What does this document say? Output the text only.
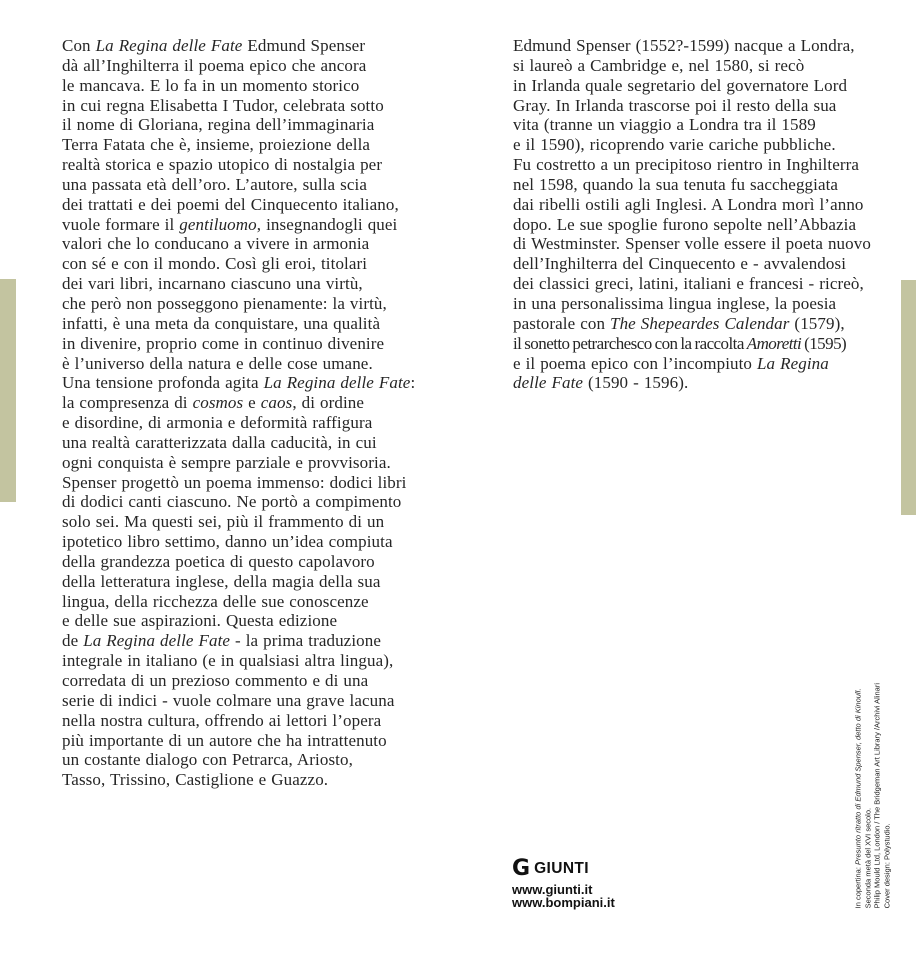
Con La Regina delle Fate Edmund Spenser
dà all’Inghilterra il poema epico che ancora
le mancava. E lo fa in un momento storico
in cui regna Elisabetta I Tudor, celebrata sotto
il nome di Gloriana, regina dell’immaginaria
Terra Fatata che è, insieme, proiezione della
realtà storica e spazio utopico di nostalgia per
una passata età dell’oro. L’autore, sulla scia
dei trattati e dei poemi del Cinquecento italiano,
vuole formare il gentiluomo, insegnandogli quei
valori che lo conducano a vivere in armonia
con sé e con il mondo. Così gli eroi, titolari
dei vari libri, incarnano ciascuno una virtù,
che però non posseggono pienamente: la virtù,
infatti, è una meta da conquistare, una qualità
in divenire, proprio come in continuo divenire
è l’universo della natura e delle cose umane.
Una tensione profonda agita La Regina delle Fate:
la compresenza di cosmos e caos, di ordine
e disordine, di armonia e deformità raffigura
una realtà caratterizzata dalla caducità, in cui
ogni conquista è sempre parziale e provvisoria.
Spenser progettò un poema immenso: dodici libri
di dodici canti ciascuno. Ne portò a compimento
solo sei. Ma questi sei, più il frammento di un
ipotetico libro settimo, danno un’idea compiuta
della grandezza poetica di questo capolavoro
della letteratura inglese, della magia della sua
lingua, della ricchezza delle sue conoscenze
e delle sue aspirazioni. Questa edizione
de La Regina delle Fate - la prima traduzione
integrale in italiano (e in qualsiasi altra lingua),
corredata di un prezioso commento e di una
serie di indici - vuole colmare una grave lacuna
nella nostra cultura, offrendo ai lettori l’opera
più importante di un autore che ha intrattenuto
un costante dialogo con Petrarca, Ariosto,
Tasso, Trissino, Castiglione e Guazzo.
Edmund Spenser (1552?-1599) nacque a Londra,
si laureò a Cambridge e, nel 1580, si recò
in Irlanda quale segretario del governatore Lord
Gray. In Irlanda trascorse poi il resto della sua
vita (tranne un viaggio a Londra tra il 1589
e il 1590), ricoprendo varie cariche pubbliche.
Fu costretto a un precipitoso rientro in Inghilterra
nel 1598, quando la sua tenuta fu saccheggiata
dai ribelli ostili agli Inglesi. A Londra morì l’anno
dopo. Le sue spoglie furono sepolte nell’Abbazia
di Westminster. Spenser volle essere il poeta nuovo
dell’Inghilterra del Cinquecento e - avvalendosi
dei classici greci, latini, italiani e francesi - ricreò,
in una personalissima lingua inglese, la poesia
pastorale con The Shepeardes Calendar (1579),
il sonetto petrarchesco con la raccolta Amoretti (1595)
e il poema epico con l’incompiuto La Regina
delle Fate (1590 - 1596).
G GIUNTI
www.giunti.it
www.bompiani.it	In copertina: Presunto ritratto di Edmund Spenser, detto di Kinoull.
Seconda metà del XVI secolo. Philip Mould Ltd, London / The Bridgeman Art Library /Archivi Alinari Cover design: Polystudio.
